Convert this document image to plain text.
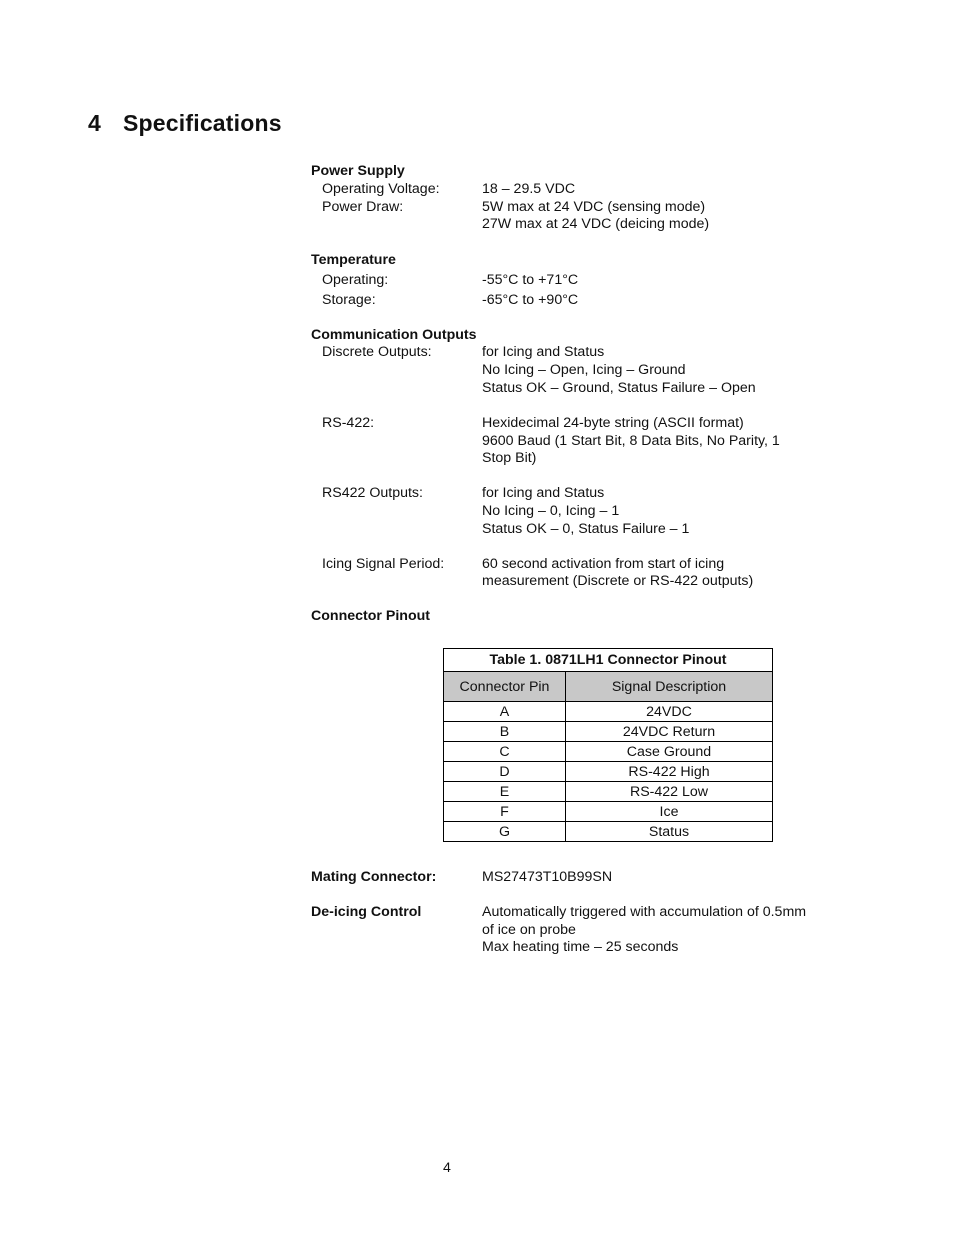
4 Specifications
Power Supply
Operating Voltage:	18 – 29.5 VDC
Power Draw:	5W max at 24 VDC (sensing mode)
27W max at 24 VDC (deicing mode)
Temperature
Operating:	-55°C to +71°C
Storage:	-65°C to +90°C
Communication Outputs
Discrete Outputs:	for Icing and Status
No Icing – Open, Icing – Ground
Status OK – Ground, Status Failure – Open
RS-422:	Hexidecimal 24-byte string (ASCII format)
9600 Baud (1 Start Bit, 8 Data Bits, No Parity, 1 Stop Bit)
RS422 Outputs:	for Icing and Status
No Icing – 0, Icing – 1
Status OK – 0, Status Failure – 1
Icing Signal Period:	60 second activation from start of icing measurement (Discrete or RS-422 outputs)
Connector Pinout
Table 1. 0871LH1 Connector Pinout	
Connector Pin	Signal Description
A	24VDC
B	24VDC Return
C	Case Ground
D	RS-422 High
E	RS-422 Low
F	Ice
G	Status
Mating Connector:	MS27473T10B99SN
De-icing Control	Automatically triggered with accumulation of 0.5mm of ice on probe
Max heating time – 25 seconds
4
